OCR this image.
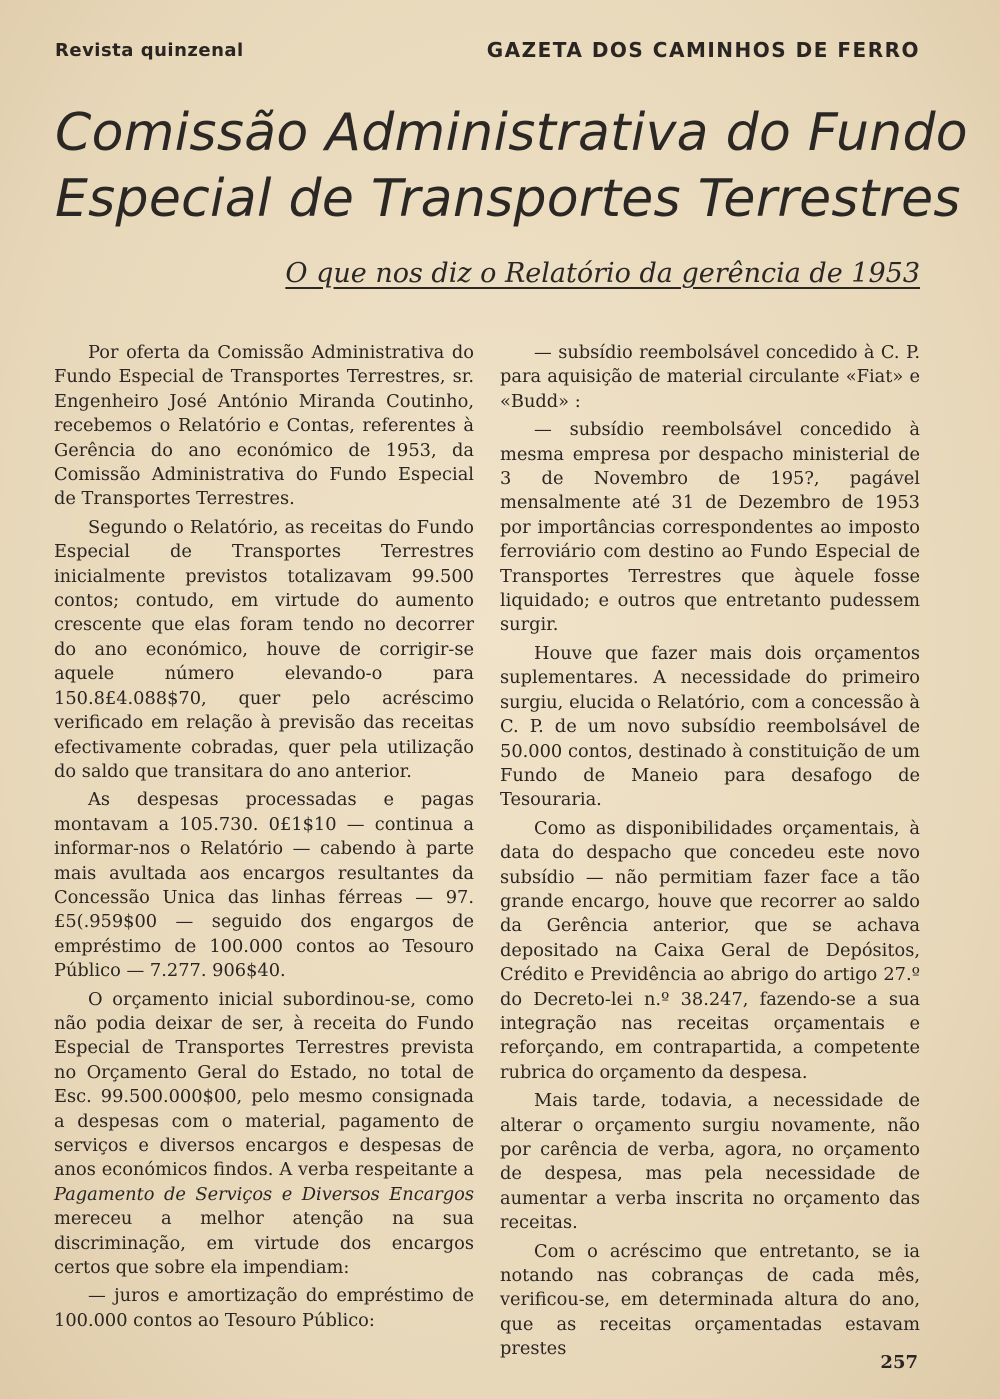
Revista quinzenal	GAZETA DOS CAMINHOS DE FERRO
Comissão Administrativa do Fundo
Especial de Transportes Terrestres
O que nos diz o Relatório da gerência de 1953

Por oferta da Comissão Administrativa do Fundo Especial de Transportes Terrestres, sr. Engenheiro José António Miranda Coutinho, recebemos o Relatório e Contas, referentes à Gerência do ano económico de 1953, da Comissão Administrativa do Fundo Especial de Transportes Terrestres.

Segundo o Relatório, as receitas do Fundo Especial de Transportes Terrestres inicialmente previstos totalizavam 99.500 contos; contudo, em virtude do aumento crescente que elas foram tendo no decorrer do ano económico, houve de corrigir-se aquele número elevando-o para 150.8£4.088$70, quer pelo acréscimo verificado em relação à previsão das receitas efectivamente cobradas, quer pela utilização do saldo que transitara do ano anterior.

As despesas processadas e pagas montavam a 105.730. 0£1$10 — continua a informar-nos o Relatório — cabendo à parte mais avultada aos encargos resultantes da Concessão Unica das linhas férreas — 97.£5(.959$00 — seguido dos engargos de empréstimo de 100.000 contos ao Tesouro Público — 7.277. 906$40.

O orçamento inicial subordinou-se, como não podia deixar de ser, à receita do Fundo Especial de Transportes Terrestres prevista no Orçamento Geral do Estado, no total de Esc. 99.500.000$00, pelo mesmo consignada a despesas com o material, pagamento de serviços e diversos encargos e despesas de anos económicos findos. A verba respeitante a Pagamento de Serviços e Diversos Encargos mereceu a melhor atenção na sua discriminação, em virtude dos encargos certos que sobre ela impendiam:

— juros e amortização do empréstimo de 100.000 contos ao Tesouro Público:

— subsídio reembolsável concedido à C. P. para aquisição de material circulante «Fiat» e «Budd» :

— subsídio reembolsável concedido à mesma empresa por despacho ministerial de 3 de Novembro de 195?, pagável mensalmente até 31 de Dezembro de 1953 por importâncias correspondentes ao imposto ferroviário com destino ao Fundo Especial de Transportes Terrestres que àquele fosse liquidado; e outros que entretanto pudessem surgir.

Houve que fazer mais dois orçamentos suplementares. A necessidade do primeiro surgiu, elucida o Relatório, com a concessão à C. P. de um novo subsídio reembolsável de 50.000 contos, destinado à constituição de um Fundo de Maneio para desafogo de Tesouraria.

Como as disponibilidades orçamentais, à data do despacho que concedeu este novo subsídio — não permitiam fazer face a tão grande encargo, houve que recorrer ao saldo da Gerência anterior, que se achava depositado na Caixa Geral de Depósitos, Crédito e Previdência ao abrigo do artigo 27.º do Decreto-lei n.º 38.247, fazendo-se a sua integração nas receitas orçamentais e reforçando, em contrapartida, a competente rubrica do orçamento da despesa.

Mais tarde, todavia, a necessidade de alterar o orçamento surgiu novamente, não por carência de verba, agora, no orçamento de despesa, mas pela necessidade de aumentar a verba inscrita no orçamento das receitas.

Com o acréscimo que entretanto, se ia notando nas cobranças de cada mês, verificou-se, em determinada altura do ano, que as receitas orçamentadas estavam prestes

257
